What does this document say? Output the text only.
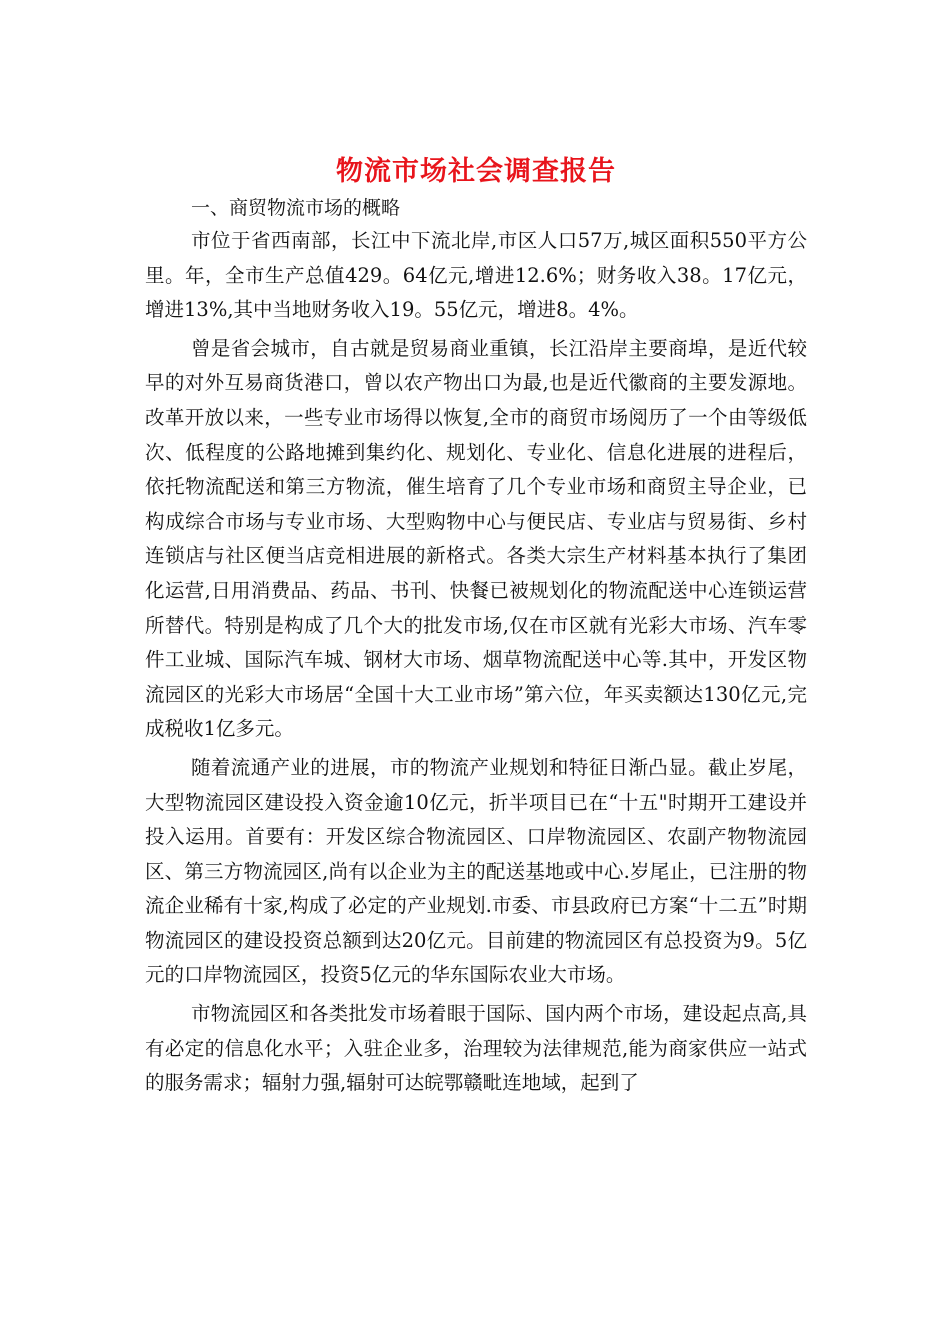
物流市场社会调查报告

一、商贸物流市场的概略

市位于省西南部，长江中下流北岸,市区人口57万,城区面积550平方公里。年，全市生产总值429。64亿元,增进12.6%；财务收入38。17亿元，增进13%,其中当地财务收入19。55亿元，增进8。4%。

曾是省会城市，自古就是贸易商业重镇，长江沿岸主要商埠，是近代较早的对外互易商货港口，曾以农产物出口为最,也是近代徽商的主要发源地。改革开放以来，一些专业市场得以恢复,全市的商贸市场阅历了一个由等级低次、低程度的公路地摊到集约化、规划化、专业化、信息化进展的进程后，依托物流配送和第三方物流，催生培育了几个专业市场和商贸主导企业，已构成综合市场与专业市场、大型购物中心与便民店、专业店与贸易街、乡村连锁店与社区便当店竞相进展的新格式。各类大宗生产材料基本执行了集团化运营,日用消费品、药品、书刊、快餐已被规划化的物流配送中心连锁运营所替代。特别是构成了几个大的批发市场,仅在市区就有光彩大市场、汽车零件工业城、国际汽车城、钢材大市场、烟草物流配送中心等.其中，开发区物流园区的光彩大市场居“全国十大工业市场”第六位，年买卖额达130亿元,完成税收1亿多元。

随着流通产业的进展，市的物流产业规划和特征日渐凸显。截止岁尾，大型物流园区建设投入资金逾10亿元，折半项目已在“十五"时期开工建设并投入运用。首要有：开发区综合物流园区、口岸物流园区、农副产物物流园区、第三方物流园区,尚有以企业为主的配送基地或中心.岁尾止，已注册的物流企业稀有十家,构成了必定的产业规划.市委、市县政府已方案“十二五”时期物流园区的建设投资总额到达20亿元。目前建的物流园区有总投资为9。5亿元的口岸物流园区，投资5亿元的华东国际农业大市场。

市物流园区和各类批发市场着眼于国际、国内两个市场，建设起点高,具有必定的信息化水平；入驻企业多，治理较为法律规范,能为商家供应一站式的服务需求；辐射力强,辐射可达皖鄂赣毗连地域，起到了
